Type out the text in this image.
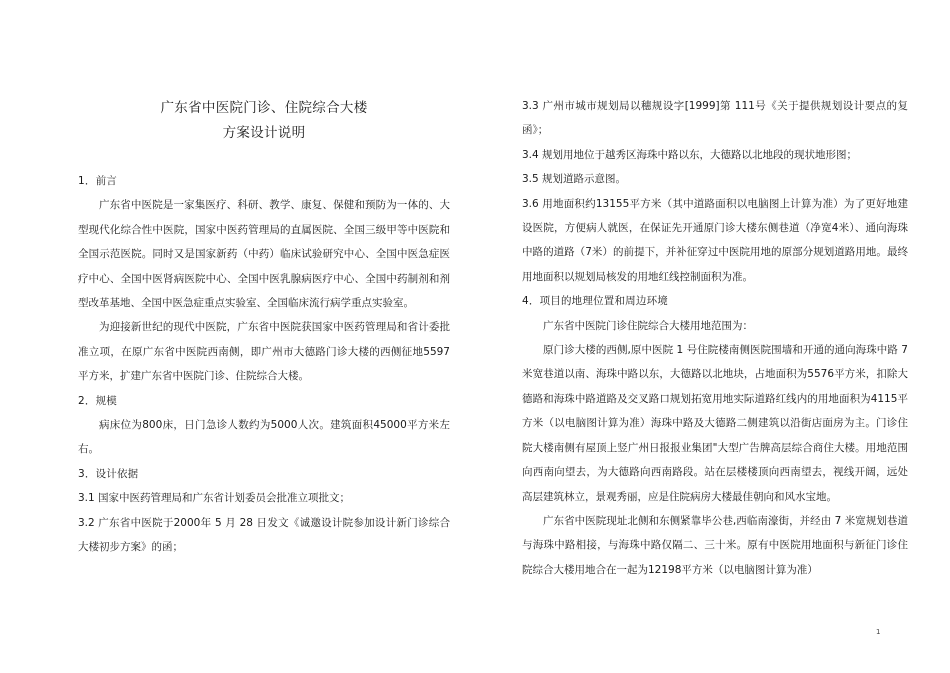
广东省中医院门诊、住院综合大楼
方案设计说明

1．前言

广东省中医院是一家集医疗、科研、教学、康复、保健和预防为一体的、大型现代化综合性中医院，国家中医药管理局的直属医院、全国三级甲等中医院和全国示范医院。同时又是国家新药（中药）临床试验研究中心、全国中医急症医疗中心、全国中医肾病医院中心、全国中医乳腺病医疗中心、全国中药制剂和剂型改革基地、全国中医急症重点实验室、全国临床流行病学重点实验室。

为迎接新世纪的现代中医院，广东省中医院获国家中医药管理局和省计委批准立项，在原广东省中医院西南侧，即广州市大德路门诊大楼的西侧征地5597平方米，扩建广东省中医院门诊、住院综合大楼。

2．规模

病床位为800床，日门急诊人数约为5000人次。建筑面积45000平方米左右。

3．设计依据

3.1 国家中医药管理局和广东省计划委员会批准立项批文；

3.2 广东省中医院于2000年 5 月 28 日发文《诚邀设计院参加设计新门诊综合大楼初步方案》的函；

3.3 广州市城市规划局以穗规设字[1999]第 111号《关于提供规划设计要点的复函》；

3.4 规划用地位于越秀区海珠中路以东，大德路以北地段的现状地形图；

3.5 规划道路示意图。

3.6 用地面积约13155平方米（其中道路面积以电脑图上计算为准）为了更好地建设医院，方便病人就医，在保证先开通原门诊大楼东侧巷道（净宽4米）、通向海珠中路的道路（7米）的前提下，并补征穿过中医院用地的原部分规划道路用地。最终用地面积以规划局核发的用地红线控制面积为准。

4．项目的地理位置和周边环境

广东省中医院门诊住院综合大楼用地范围为：

原门诊大楼的西侧,原中医院 1 号住院楼南侧医院围墙和开通的通向海珠中路 7 米宽巷道以南、海珠中路以东，大德路以北地块，占地面积为5576平方米，扣除大德路和海珠中路道路及交叉路口规划拓宽用地实际道路红线内的用地面积为4115平方米（以电脑图计算为准）海珠中路及大德路二侧建筑以沿街店面房为主。门诊住院大楼南侧有屋顶上竖广州日报报业集团"大型广告牌高层综合商住大楼。用地范围向西南向望去，为大德路向西南路段。站在层楼楼顶向西南望去，视线开阔，远处高层建筑林立，景观秀丽，应是住院病房大楼最佳朝向和风水宝地。

广东省中医院现址北侧和东侧紧靠毕公巷,西临南濠街，并经由 7 米宽规划巷道与海珠中路相接，与海珠中路仅隔二、三十米。原有中医院用地面积与新征门诊住院综合大楼用地合在一起为12198平方米（以电脑图计算为准）

1
